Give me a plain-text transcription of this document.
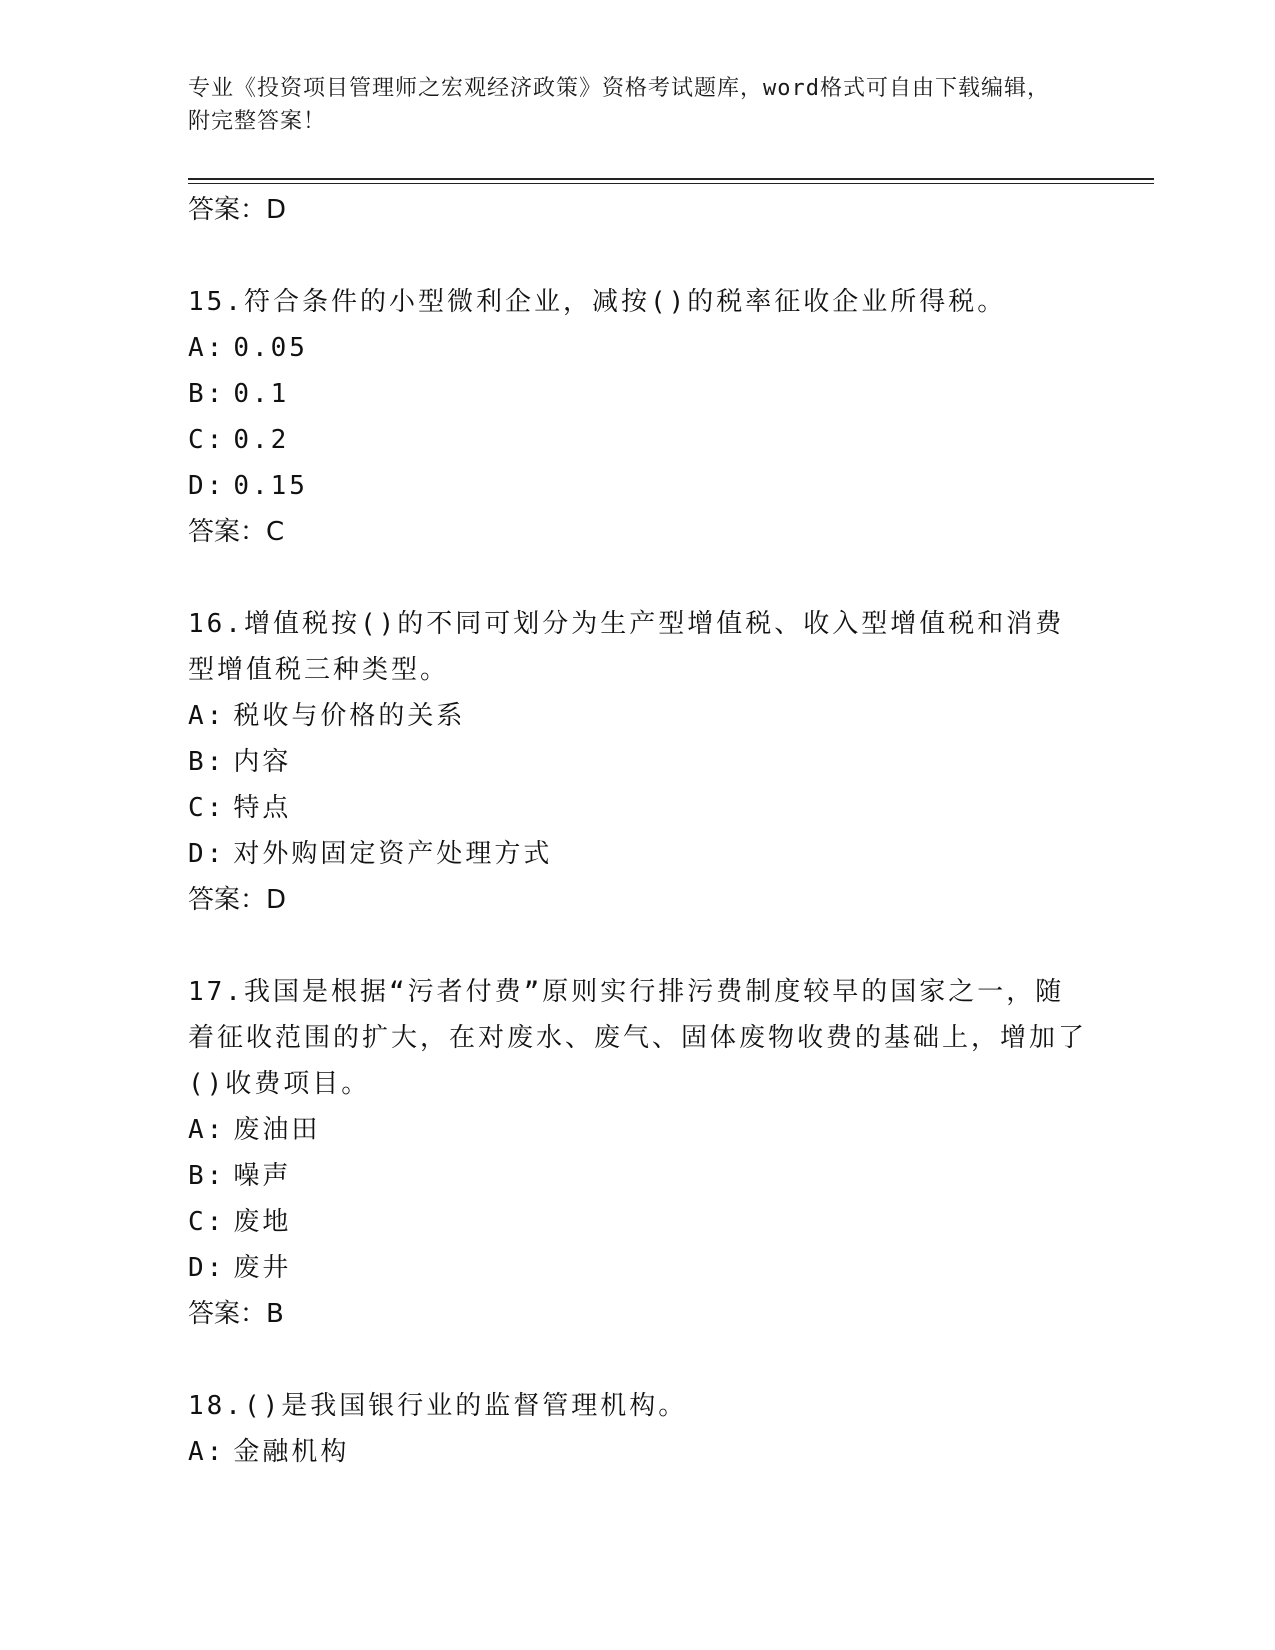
专业《投资项目管理师之宏观经济政策》资格考试题库，word格式可自由下载编辑，附完整答案！
答案：D
15.符合条件的小型微利企业，减按()的税率征收企业所得税。
A: 0.05
B: 0.1
C: 0.2
D: 0.15
答案：C
16.增值税按()的不同可划分为生产型增值税、收入型增值税和消费型增值税三种类型。
A: 税收与价格的关系
B: 内容
C: 特点
D: 对外购固定资产处理方式
答案：D
17.我国是根据“污者付费”原则实行排污费制度较早的国家之一，随着征收范围的扩大，在对废水、废气、固体废物收费的基础上，增加了()收费项目。
A: 废油田
B: 噪声
C: 废地
D: 废井
答案：B
18.()是我国银行业的监督管理机构。
A: 金融机构
